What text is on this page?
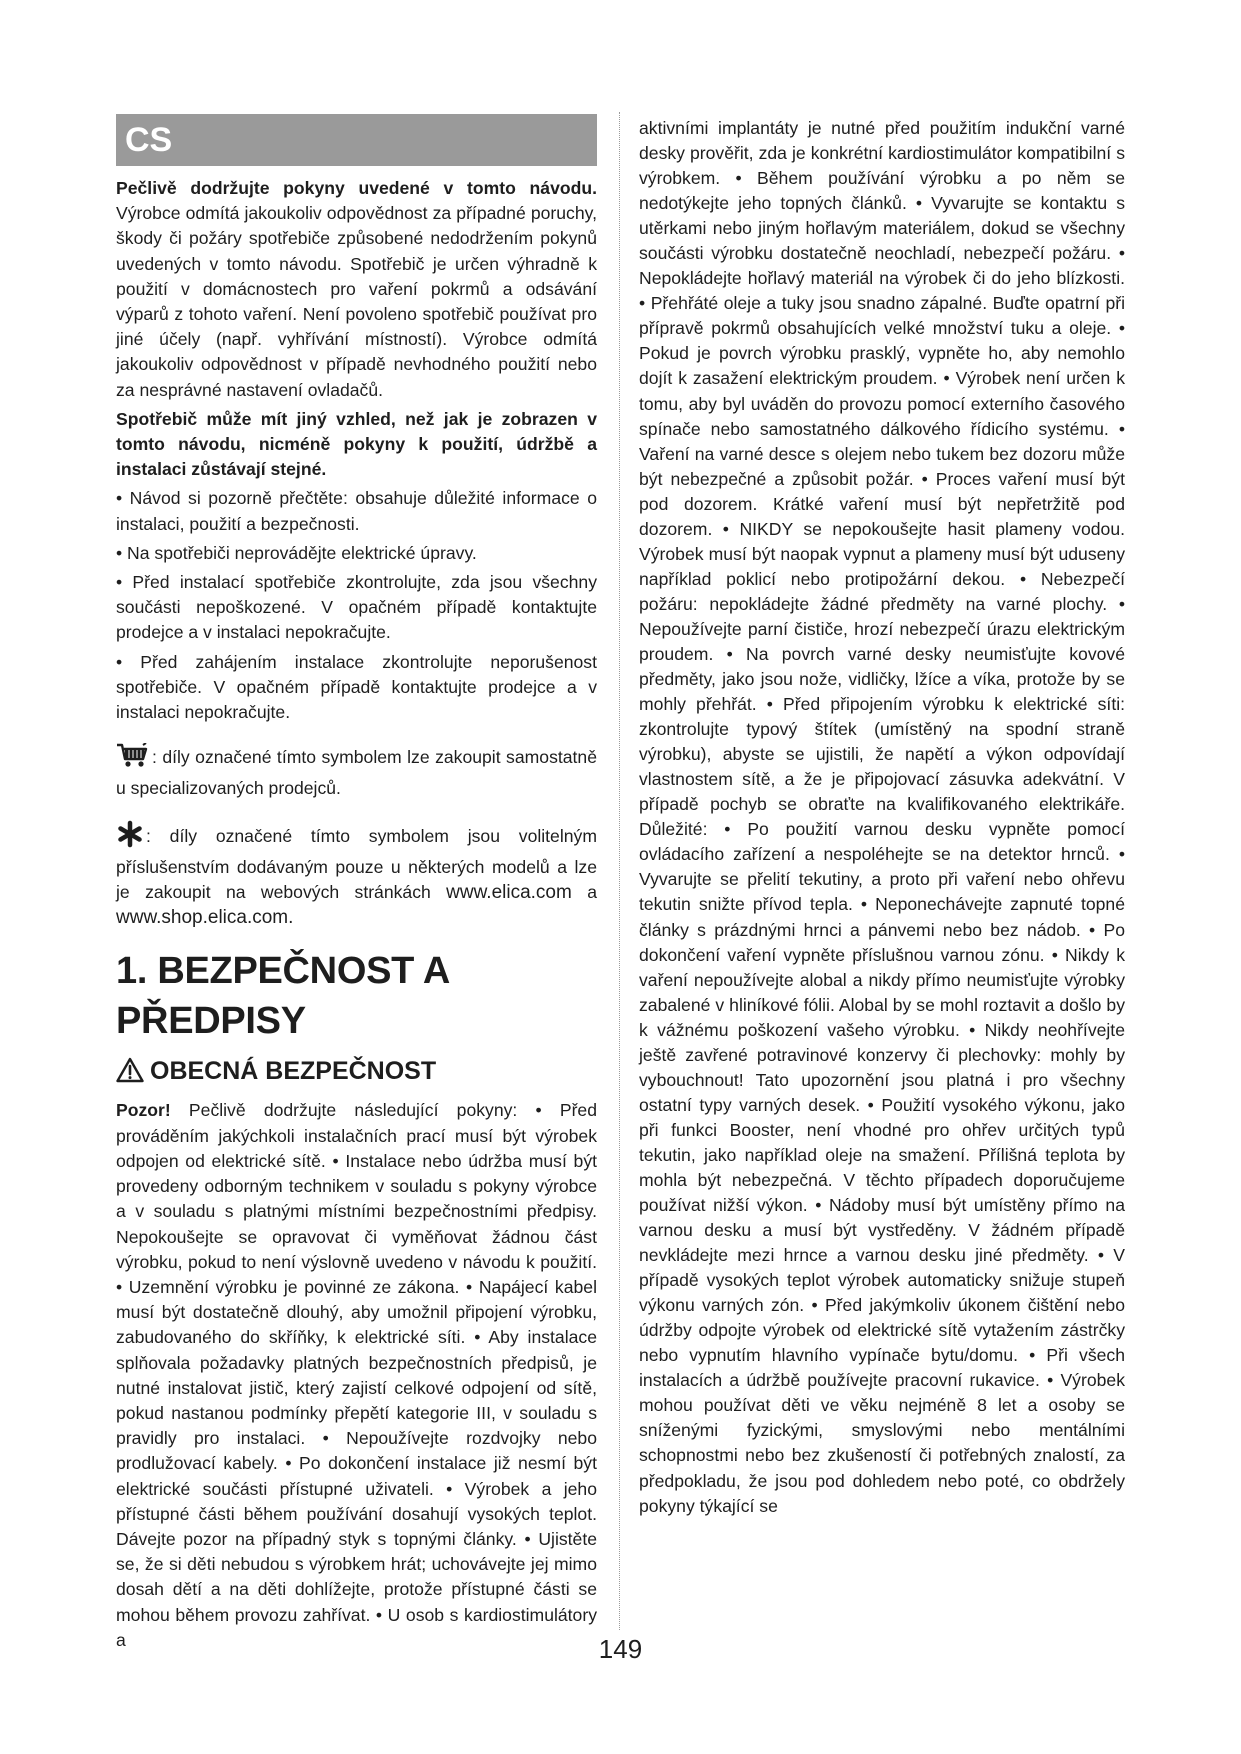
CS

Pečlivě dodržujte pokyny uvedené v tomto návodu. Výrobce odmítá jakoukoliv odpovědnost za případné poruchy, škody či požáry spotřebiče způsobené nedodržením pokynů uvedených v tomto návodu. Spotřebič je určen výhradně k použití v domácnostech pro vaření pokrmů a odsávání výparů z tohoto vaření. Není povoleno spotřebič používat pro jiné účely (např. vyhřívání místností). Výrobce odmítá jakoukoliv odpovědnost v případě nevhodného použití nebo za nesprávné nastavení ovladačů.

Spotřebič může mít jiný vzhled, než jak je zobrazen v tomto návodu, nicméně pokyny k použití, údržbě a instalaci zůstávají stejné.

• Návod si pozorně přečtěte: obsahuje důležité informace o instalaci, použití a bezpečnosti.

• Na spotřebiči neprovádějte elektrické úpravy.

• Před instalací spotřebiče zkontrolujte, zda jsou všechny součásti nepoškozené. V opačném případě kontaktujte prodejce a v instalaci nepokračujte.

• Před zahájením instalace zkontrolujte neporušenost spotřebiče. V opačném případě kontaktujte prodejce a v instalaci nepokračujte.

: díly označené tímto symbolem lze zakoupit samostatně u specializovaných prodejců.

: díly označené tímto symbolem jsou volitelným příslušenstvím dodávaným pouze u některých modelů a lze je zakoupit na webových stránkách www.elica.com a www.shop.elica.com.

1. BEZPEČNOST A PŘEDPISY
OBECNÁ BEZPEČNOST

Pozor! Pečlivě dodržujte následující pokyny: • Před prováděním jakýchkoli instalačních prací musí být výrobek odpojen od elektrické sítě. • Instalace nebo údržba musí být provedeny odborným technikem v souladu s pokyny výrobce a v souladu s platnými místními bezpečnostními předpisy. Nepokoušejte se opravovat či vyměňovat žádnou část výrobku, pokud to není výslovně uvedeno v návodu k použití. • Uzemnění výrobku je povinné ze zákona. • Napájecí kabel musí být dostatečně dlouhý, aby umožnil připojení výrobku, zabudovaného do skříňky, k elektrické síti. • Aby instalace splňovala požadavky platných bezpečnostních předpisů, je nutné instalovat jistič, který zajistí celkové odpojení od sítě, pokud nastanou podmínky přepětí kategorie III, v souladu s pravidly pro instalaci. • Nepoužívejte rozdvojky nebo prodlužovací kabely. • Po dokončení instalace již nesmí být elektrické součásti přístupné uživateli. • Výrobek a jeho přístupné části během používání dosahují vysokých teplot. Dávejte pozor na případný styk s topnými články. • Ujistěte se, že si děti nebudou s výrobkem hrát; uchovávejte jej mimo dosah dětí a na děti dohlížejte, protože přístupné části se mohou během provozu zahřívat. • U osob s kardiostimulátory a

aktivními implantáty je nutné před použitím indukční varné desky prověřit, zda je konkrétní kardiostimulátor kompatibilní s výrobkem. • Během používání výrobku a po něm se nedotýkejte jeho topných článků. • Vyvarujte se kontaktu s utěrkami nebo jiným hořlavým materiálem, dokud se všechny součásti výrobku dostatečně neochladí, nebezpečí požáru. • Nepokládejte hořlavý materiál na výrobek či do jeho blízkosti. • Přehřáté oleje a tuky jsou snadno zápalné. Buďte opatrní při přípravě pokrmů obsahujících velké množství tuku a oleje. • Pokud je povrch výrobku prasklý, vypněte ho, aby nemohlo dojít k zasažení elektrickým proudem. • Výrobek není určen k tomu, aby byl uváděn do provozu pomocí externího časového spínače nebo samostatného dálkového řídicího systému. • Vaření na varné desce s olejem nebo tukem bez dozoru může být nebezpečné a způsobit požár. • Proces vaření musí být pod dozorem. Krátké vaření musí být nepřetržitě pod dozorem. • NIKDY se nepokoušejte hasit plameny vodou. Výrobek musí být naopak vypnut a plameny musí být uduseny například poklicí nebo protipožární dekou. • Nebezpečí požáru: nepokládejte žádné předměty na varné plochy. • Nepoužívejte parní čističe, hrozí nebezpečí úrazu elektrickým proudem. • Na povrch varné desky neumisťujte kovové předměty, jako jsou nože, vidličky, lžíce a víka, protože by se mohly přehřát. • Před připojením výrobku k elektrické síti: zkontrolujte typový štítek (umístěný na spodní straně výrobku), abyste se ujistili, že napětí a výkon odpovídají vlastnostem sítě, a že je připojovací zásuvka adekvátní. V případě pochyb se obraťte na kvalifikovaného elektrikáře. Důležité: • Po použití varnou desku vypněte pomocí ovládacího zařízení a nespoléhejte se na detektor hrnců. • Vyvarujte se přelití tekutiny, a proto při vaření nebo ohřevu tekutin snižte přívod tepla. • Neponechávejte zapnuté topné články s prázdnými hrnci a pánvemi nebo bez nádob. • Po dokončení vaření vypněte příslušnou varnou zónu. • Nikdy k vaření nepoužívejte alobal a nikdy přímo neumisťujte výrobky zabalené v hliníkové fólii. Alobal by se mohl roztavit a došlo by k vážnému poškození vašeho výrobku. • Nikdy neohřívejte ještě zavřené potravinové konzervy či plechovky: mohly by vybouchnout! Tato upozornění jsou platná i pro všechny ostatní typy varných desek. • Použití vysokého výkonu, jako při funkci Booster, není vhodné pro ohřev určitých typů tekutin, jako například oleje na smažení. Přílišná teplota by mohla být nebezpečná. V těchto případech doporučujeme používat nižší výkon. • Nádoby musí být umístěny přímo na varnou desku a musí být vystředěny. V žádném případě nevkládejte mezi hrnce a varnou desku jiné předměty. • V případě vysokých teplot výrobek automaticky snižuje stupeň výkonu varných zón. • Před jakýmkoliv úkonem čištění nebo údržby odpojte výrobek od elektrické sítě vytažením zástrčky nebo vypnutím hlavního vypínače bytu/domu. • Při všech instalacích a údržbě používejte pracovní rukavice. • Výrobek mohou používat děti ve věku nejméně 8 let a osoby se sníženými fyzickými, smyslovými nebo mentálními schopnostmi nebo bez zkušeností či potřebných znalostí, za předpokladu, že jsou pod dohledem nebo poté, co obdržely pokyny týkající se

149
